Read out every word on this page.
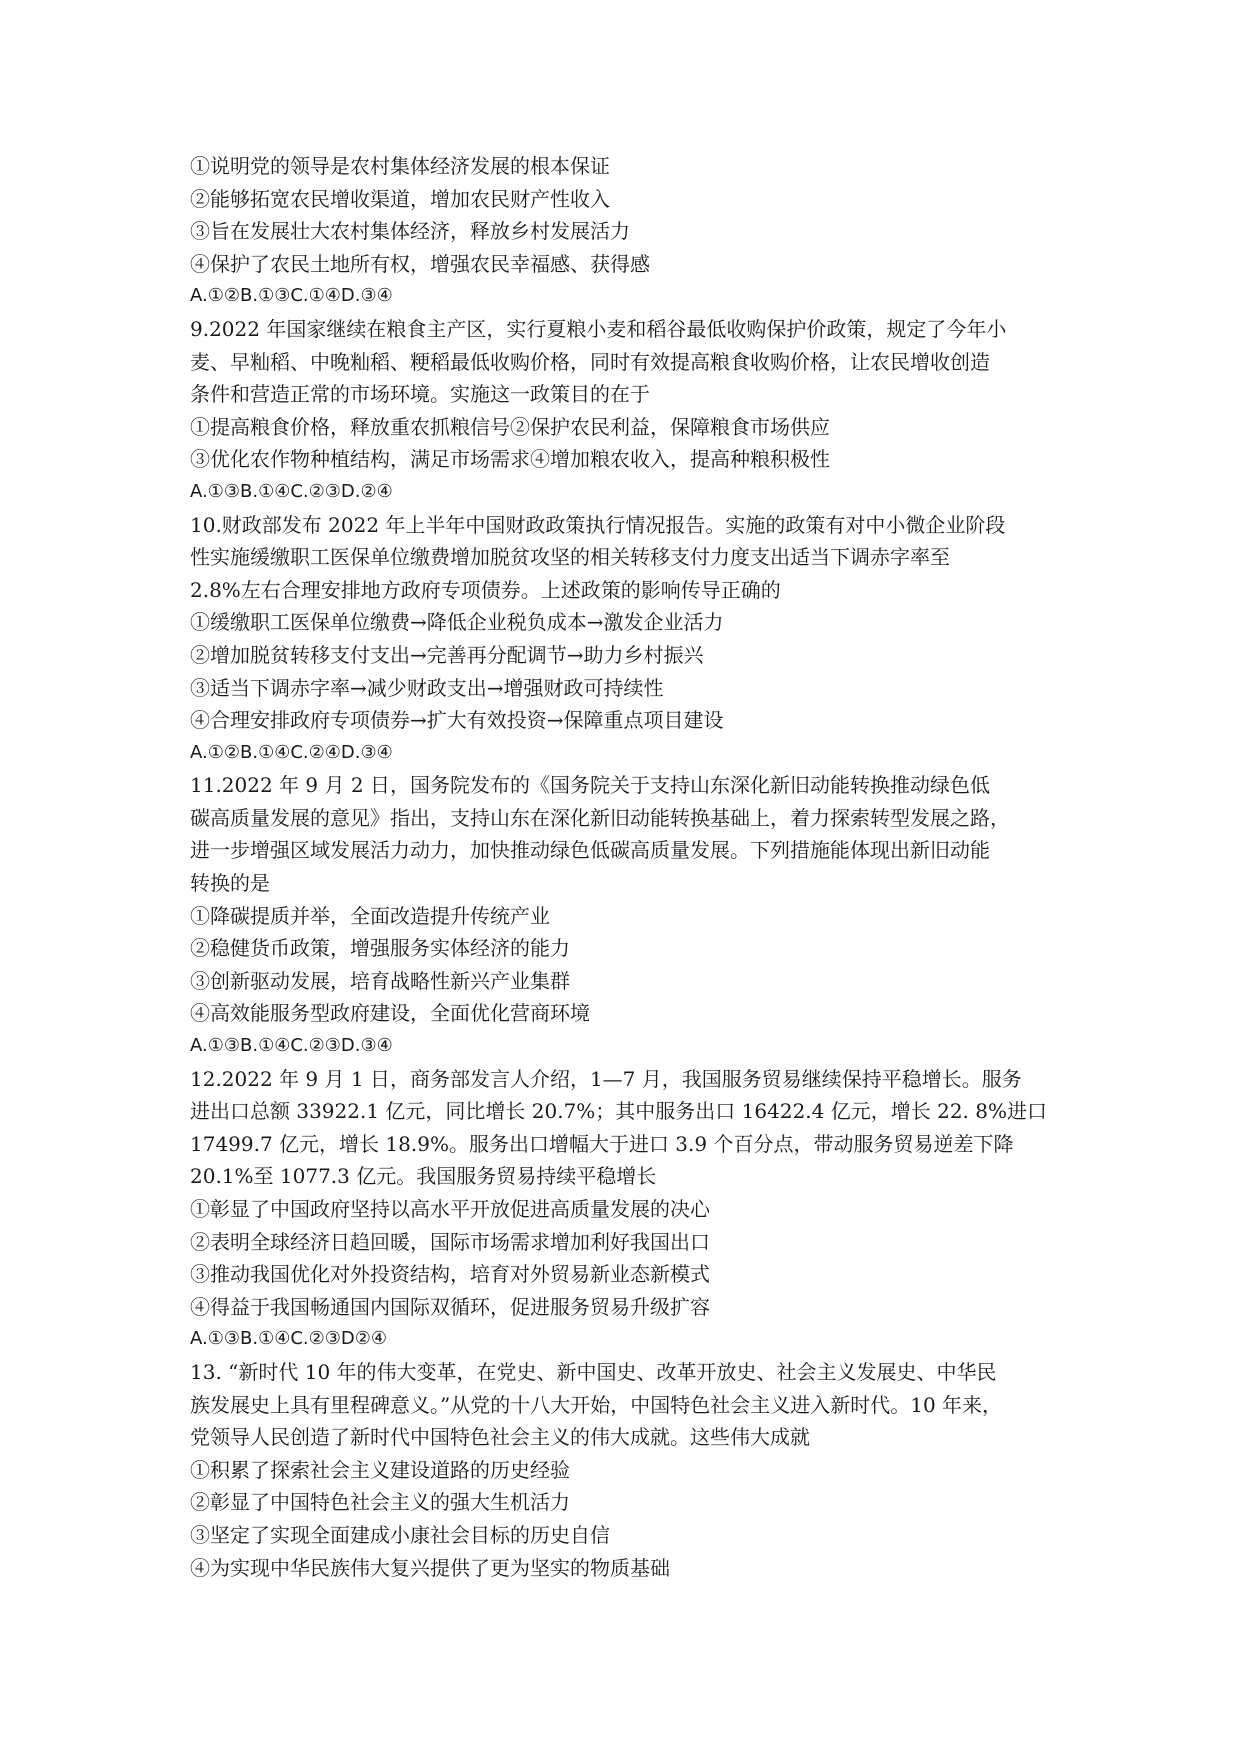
①说明党的领导是农村集体经济发展的根本保证
②能够拓宽农民增收渠道，增加农民财产性收入
③旨在发展壮大农村集体经济，释放乡村发展活力
④保护了农民土地所有权，增强农民幸福感、获得感
A.①②B.①③C.①④D.③④
9.2022 年国家继续在粮食主产区，实行夏粮小麦和稻谷最低收购保护价政策，规定了今年小
麦、早籼稻、中晚籼稻、粳稻最低收购价格，同时有效提高粮食收购价格，让农民增收创造
条件和营造正常的市场环境。实施这一政策目的在于
①提高粮食价格，释放重农抓粮信号②保护农民利益，保障粮食市场供应
③优化农作物种植结构，满足市场需求④增加粮农收入，提高种粮积极性
A.①③B.①④C.②③D.②④
10.财政部发布 2022 年上半年中国财政政策执行情况报告。实施的政策有对中小微企业阶段
性实施缓缴职工医保单位缴费增加脱贫攻坚的相关转移支付力度支出适当下调赤字率至
2.8%左右合理安排地方政府专项债券。上述政策的影响传导正确的
①缓缴职工医保单位缴费→降低企业税负成本→激发企业活力
②增加脱贫转移支付支出→完善再分配调节→助力乡村振兴
③适当下调赤字率→减少财政支出→增强财政可持续性
④合理安排政府专项债券→扩大有效投资→保障重点项目建设
A.①②B.①④C.②④D.③④
11.2022 年 9 月 2 日，国务院发布的《国务院关于支持山东深化新旧动能转换推动绿色低
碳高质量发展的意见》指出，支持山东在深化新旧动能转换基础上，着力探索转型发展之路，
进一步增强区域发展活力动力，加快推动绿色低碳高质量发展。下列措施能体现出新旧动能
转换的是
①降碳提质并举，全面改造提升传统产业
②稳健货币政策，增强服务实体经济的能力
③创新驱动发展，培育战略性新兴产业集群
④高效能服务型政府建设，全面优化营商环境
A.①③B.①④C.②③D.③④
12.2022 年 9 月 1 日，商务部发言人介绍，1—7 月，我国服务贸易继续保持平稳增长。服务
进出口总额 33922.1 亿元，同比增长 20.7%；其中服务出口 16422.4 亿元，增长 22. 8%进口
17499.7 亿元，增长 18.9%。服务出口增幅大于进口 3.9 个百分点，带动服务贸易逆差下降
20.1%至 1077.3 亿元。我国服务贸易持续平稳增长
①彰显了中国政府坚持以高水平开放促进高质量发展的决心
②表明全球经济日趋回暖，国际市场需求增加利好我国出口
③推动我国优化对外投资结构，培育对外贸易新业态新模式
④得益于我国畅通国内国际双循环，促进服务贸易升级扩容
A.①③B.①④C.②③D②④
13. “新时代 10 年的伟大变革，在党史、新中国史、改革开放史、社会主义发展史、中华民
族发展史上具有里程碑意义。”从党的十八大开始，中国特色社会主义进入新时代。10 年来，
党领导人民创造了新时代中国特色社会主义的伟大成就。这些伟大成就
①积累了探索社会主义建设道路的历史经验
②彰显了中国特色社会主义的强大生机活力
③坚定了实现全面建成小康社会目标的历史自信
④为实现中华民族伟大复兴提供了更为坚实的物质基础
